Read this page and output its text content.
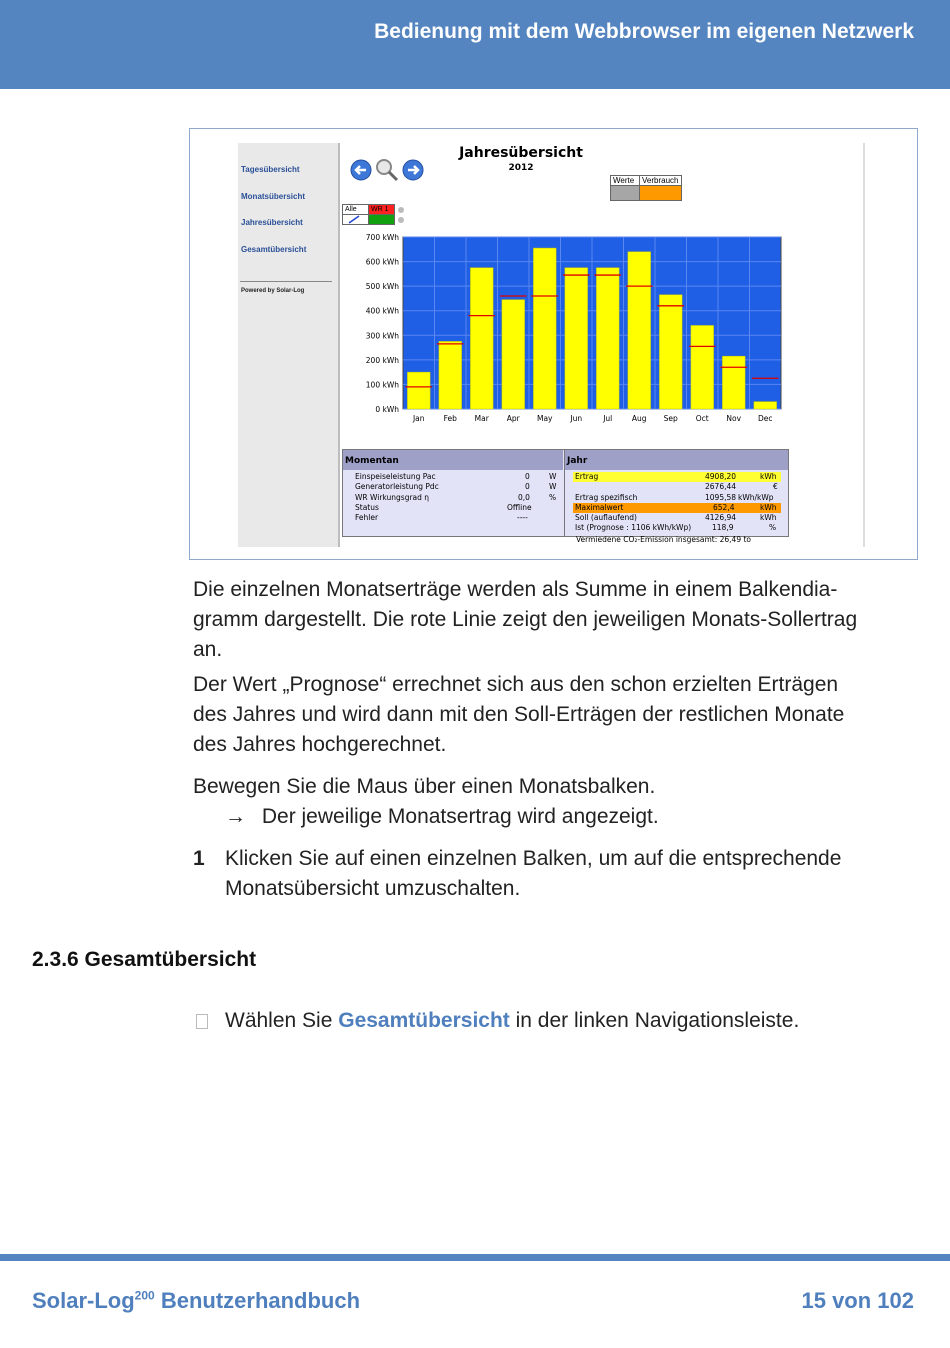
Bedienung mit dem Webbrowser im eigenen Netzwerk
Tagesübersicht
Monatsübersicht
Jahresübersicht
Gesamtübersicht
Powered by Solar-Log
Jahresübersicht
2012
Werte Verbrauch
Alle	WR 1
0 kWh
100 kWh
200 kWh
300 kWh
400 kWh
500 kWh
600 kWh
700 kWh
Jan	Feb Mar Apr May Jun	Jul	Aug Sep Oct Nov Dec
Momentan	Jahr
Einspeiseleistung Pac	0	W
Generatorleistung Pdc	0	W
WR Wirkungsgrad η	0,0	%
Status	Offline
Fehler	----
Ertrag	4908,20	kWh
2676,44	€
Ertrag spezifisch	1095,58 kWh/kWp
Maximalwert	652,4	kWh
Soll (auflaufend)	4126,94	kWh
Ist (Prognose : 1106 kWh/kWp)	118,9	%
Vermiedene CO₂-Emission insgesamt: 26,49 to
Die einzelnen Monatserträge werden als Summe in einem Balkendia-
gramm dargestellt. Die rote Linie zeigt den jeweiligen Monats-Sollertrag
an.
Der Wert „Prognose“ errechnet sich aus den schon erzielten Erträgen
des Jahres und wird dann mit den Soll-Erträgen der restlichen Monate
des Jahres hochgerechnet.
Bewegen Sie die Maus über einen Monatsbalken.
→ Der jeweilige Monatsertrag wird angezeigt.
1 Klicken Sie auf einen einzelnen Balken, um auf die entsprechende
Monatsübersicht umzuschalten.
2.3.6 Gesamtübersicht
Wählen Sie Gesamtübersicht in der linken Navigationsleiste.
Solar-Log$^{200}$ Benutzerhandbuch	15 von 102
